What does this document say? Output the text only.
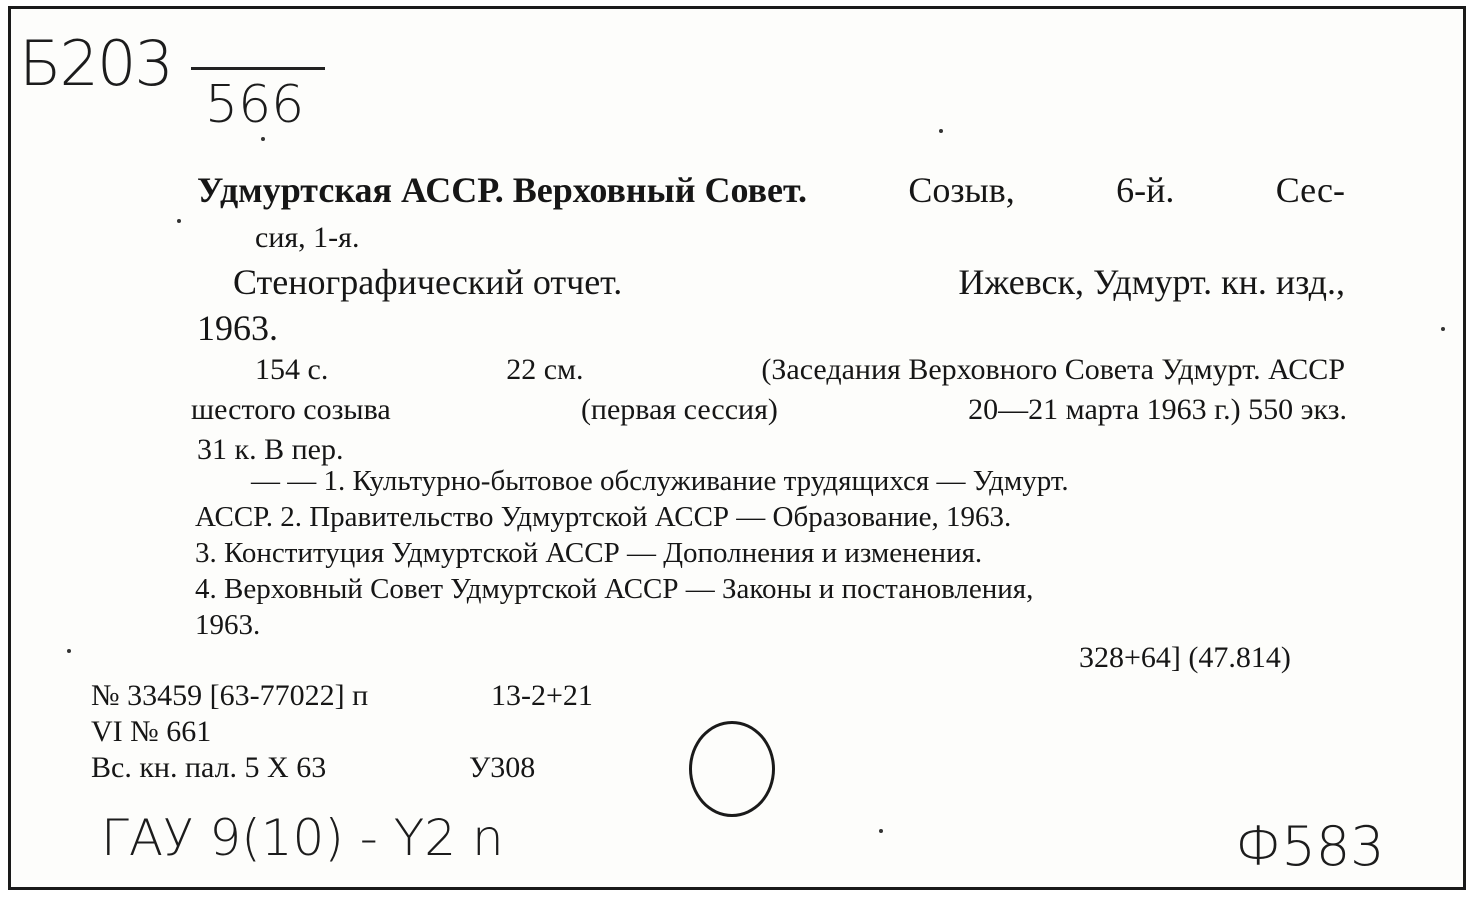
Б203
566
Удмуртская АССР. Верховный Совет.	Созыв,	6-й.	Сес-
сия, 1-я.
Стенографический отчет.	Ижевск, Удмурт. кн. изд.,
1963.
154 с.	22 см.	(Заседания Верховного Совета Удмурт. АССР
шестого созыва	(первая сессия)	20—21 марта 1963 г.) 550 экз.
31 к. В пер.
— — 1. Культурно-бытовое обслуживание трудящихся — Удмурт.
АССР. 2. Правительство Удмуртской АССР — Образование, 1963.
3. Конституция Удмуртской АССР — Дополнения и изменения.
4. Верховный Совет Удмуртской АССР — Законы и постановления,
1963.
328+64] (47.814)
№ 33459 [63-77022] п	13-2+21
VI № 661
Вс. кн. пал. 5 X 63	У308
ГАУ 9(10) - Y2 n	Ф583
